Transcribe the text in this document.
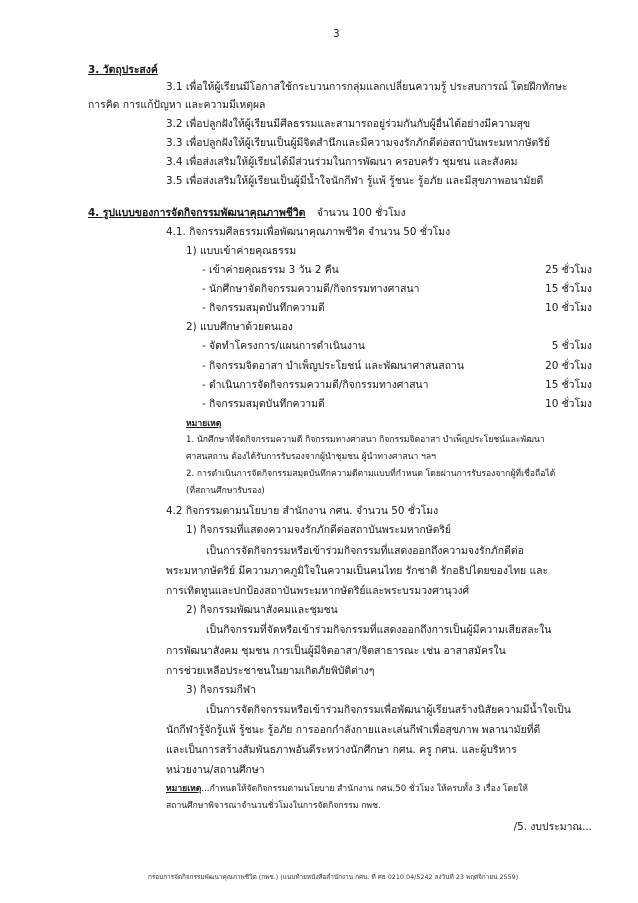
3
3. วัตถุประสงค์
3.1 เพื่อให้ผู้เรียนมีโอกาสใช้กระบวนการกลุ่มแลกเปลี่ยนความรู้ ประสบการณ์ โดยฝึกทักษะ
การคิด การแก้ปัญหา และความมีเหตุผล
3.2 เพื่อปลูกฝังให้ผู้เรียนมีศีลธรรมและสามารถอยู่ร่วมกันกับผู้อื่นได้อย่างมีความสุข
3.3 เพื่อปลูกฝังให้ผู้เรียนเป็นผู้มีจิตสำนึกและมีความจงรักภักดีต่อสถาบันพระมหากษัตริย์
3.4 เพื่อส่งเสริมให้ผู้เรียนได้มีส่วนร่วมในการพัฒนา ครอบครัว ชุมชน และสังคม
3.5 เพื่อส่งเสริมให้ผู้เรียนเป็นผู้มีน้ำใจนักกีฬา รู้แพ้ รู้ชนะ รู้อภัย และมีสุขภาพอนามัยดี
4. รูปแบบของการจัดกิจกรรมพัฒนาคุณภาพชีวิต จำนวน 100 ชั่วโมง
4.1. กิจกรรมศีลธรรมเพื่อพัฒนาคุณภาพชีวิต จำนวน 50 ชั่วโมง
1) แบบเข้าค่ายคุณธรรม
- เข้าค่ายคุณธรรม 3 วัน 2 คืน	25 ชั่วโมง
- นักศึกษาจัดกิจกรรมความดี/กิจกรรมทางศาสนา	15 ชั่วโมง
- กิจกรรมสมุดบันทึกความดี	10 ชั่วโมง
2) แบบศึกษาด้วยตนเอง
- จัดทำโครงการ/แผนการดำเนินงาน	5 ชั่วโมง
- กิจกรรมจิตอาสา บำเพ็ญประโยชน์ และพัฒนาศาสนสถาน	20 ชั่วโมง
- ดำเนินการจัดกิจกรรมความดี/กิจกรรมทางศาสนา	15 ชั่วโมง
- กิจกรรมสมุดบันทึกความดี	10 ชั่วโมง
หมายเหตุ
1. นักศึกษาที่จัดกิจกรรมความดี กิจกรรมทางศาสนา กิจกรรมจิตอาสา บำเพ็ญประโยชน์และพัฒนา
ศาสนสถาน ต้องได้รับการรับรองจากผู้นำชุมชน ผู้นำทางศาสนา ฯลฯ
2. การดำเนินการจัดกิจกรรมสมุดบันทึกความดีตามแบบที่กำหนด โดยผ่านการรับรองจากผู้ที่เชื่อถือได้
(ที่สถานศึกษารับรอง)
4.2 กิจกรรมตามนโยบาย สำนักงาน กศน. จำนวน 50 ชั่วโมง
1) กิจกรรมที่แสดงความจงรักภักดีต่อสถาบันพระมหากษัตริย์
เป็นการจัดกิจกรรมหรือเข้าร่วมกิจกรรมที่แสดงออกถึงความจงรักภักดีต่อ
พระมหากษัตริย์ มีความภาคภูมิใจในความเป็นคนไทย รักชาติ รักอธิปไตยของไทย และ
การเทิดทูนและปกป้องสถาบันพระมหากษัตริย์และพระบรมวงศานุวงศ์
2) กิจกรรมพัฒนาสังคมและชุมชน
เป็นกิจกรรมที่จัดหรือเข้าร่วมกิจกรรมที่แสดงออกถึงการเป็นผู้มีความเสียสละใน
การพัฒนาสังคม ชุมชน การเป็นผู้มีจิตอาสา/จิตสาธารณะ เช่น อาสาสมัครใน
การช่วยเหลือประชาชนในยามเกิดภัยพิบัติต่างๆ
3) กิจกรรมกีฬา
เป็นการจัดกิจกรรมหรือเข้าร่วมกิจกรรมเพื่อพัฒนาผู้เรียนสร้างนิสัยความมีน้ำใจเป็น
นักกีฬารู้จักรู้แพ้ รู้ชนะ รู้อภัย การออกกำลังกายและเล่นกีฬาเพื่อสุขภาพ พลานามัยที่ดี
และเป็นการสร้างสัมพันธภาพอันดีระหว่างนักศึกษา กศน. ครู กศน. และผู้บริหาร
หน่วยงาน/สถานศึกษา
หมายเหตุ...กำหนดให้จัดกิจกรรมตามนโยบาย สำนักงาน กศน.50 ชั่วโมง ให้ครบทั้ง 3 เรื่อง โดยให้
สถานศึกษาพิจารณาจำนวนชั่วโมงในการจัดกิจกรรม กพช.
/5. งบประมาณ...
กรอบการจัดกิจกรรมพัฒนาคุณภาพชีวิต (กพช.) (แนบท้ายหนังสือสำนักงาน กศน. ที่ ศธ 0210.04/5242 ลงวันที่ 23 พฤศจิกายน 2559)
